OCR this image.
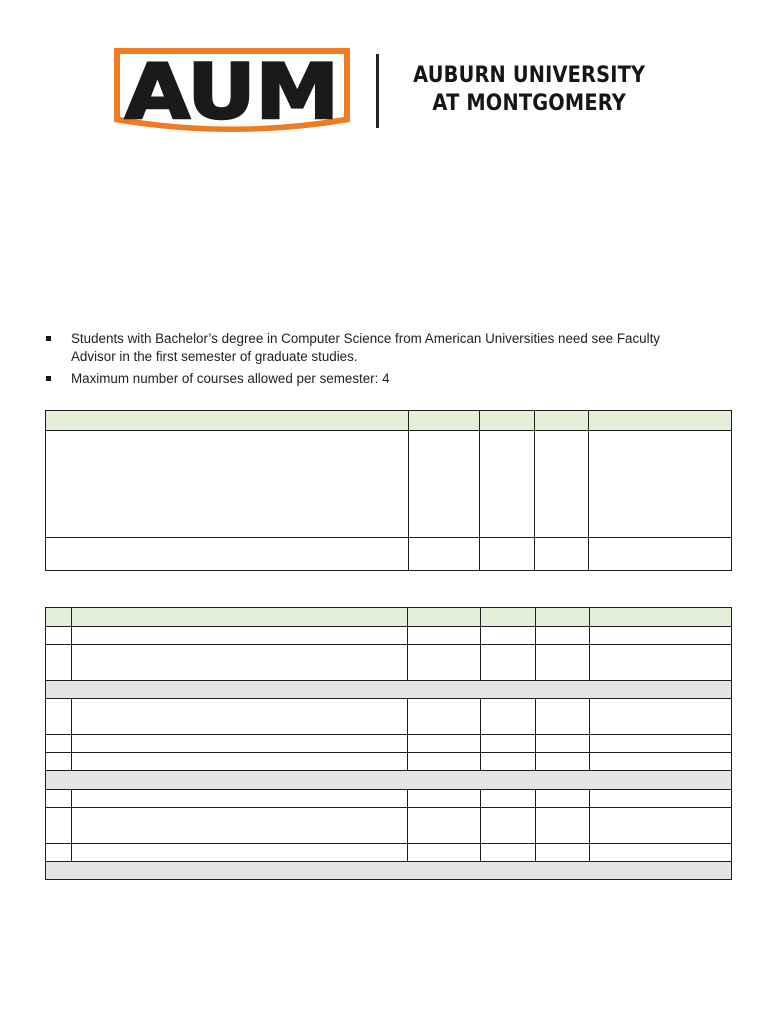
AUM	AUBURN UNIVERSITY
AT MONTGOMERY
Students with Bachelor’s degree in Computer Science from American Universities need see Faculty Advisor in the first semester of graduate studies.
Maximum number of courses allowed per semester: 4
